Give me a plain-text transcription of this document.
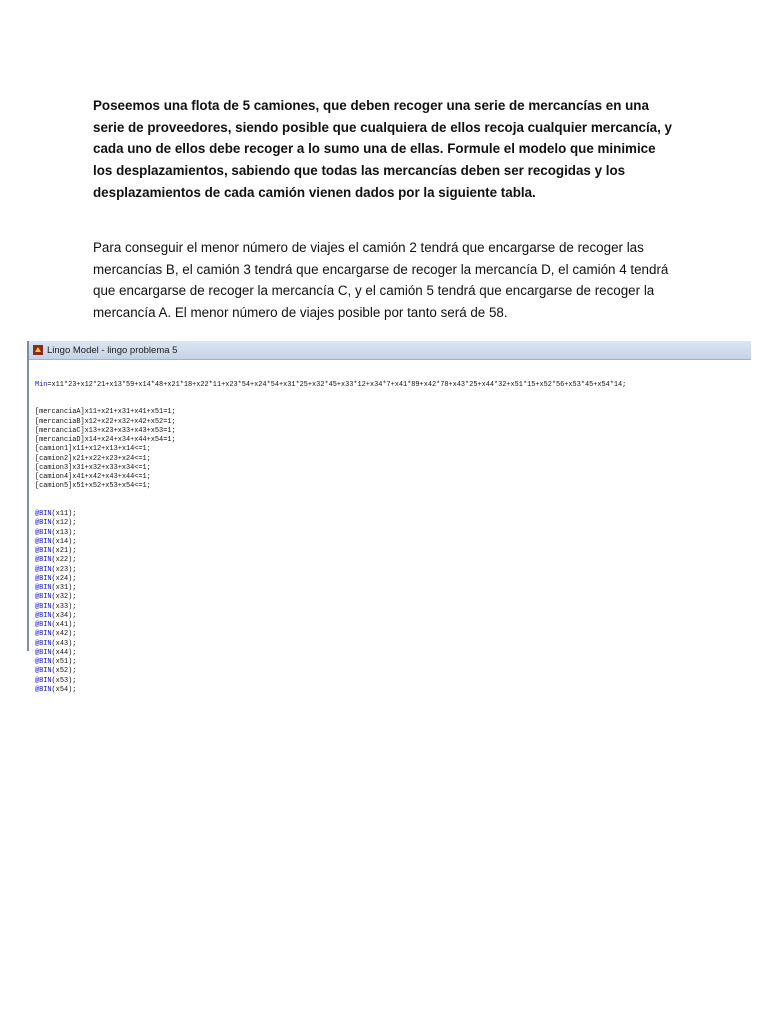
Poseemos una flota de 5 camiones, que deben recoger una serie de mercancías en una serie de proveedores, siendo posible que cualquiera de ellos recoja cualquier mercancía, y cada uno de ellos debe recoger a lo sumo una de ellas. Formule el modelo que minimice los desplazamientos, sabiendo que todas las mercancías deben ser recogidas y los desplazamientos de cada camión vienen dados por la siguiente tabla.

Para conseguir el menor número de viajes el camión 2 tendrá que encargarse de recoger las mercancías B, el camión 3 tendrá que encargarse de recoger la mercancía D, el camión 4 tendrá que encargarse de recoger la mercancía C, y el camión 5 tendrá que encargarse de recoger la mercancía A. El menor número de viajes posible por tanto será de 58.

Lingo Model - lingo problema 5

Min=x11*23+x12*21+x13*59+x14*48+x21*18+x22*11+x23*54+x24*54+x31*25+x32*45+x33*12+x34*7+x41*89+x42*78+x43*25+x44*32+x51*15+x52*56+x53*45+x54*14;

[mercanciaA]x11+x21+x31+x41+x51=1;
[mercanciaB]x12+x22+x32+x42+x52=1;
[mercanciaC]x13+x23+x33+x43+x53=1;
[mercanciaD]x14+x24+x34+x44+x54=1;
[camion1]x11+x12+x13+x14<=1;
[camion2]x21+x22+x23+x24<=1;
[camion3]x31+x32+x33+x34<=1;
[camion4]x41+x42+x43+x44<=1;
[camion5]x51+x52+x53+x54<=1;

@BIN(x11);
@BIN(x12);
@BIN(x13);
@BIN(x14);
@BIN(x21);
@BIN(x22);
@BIN(x23);
@BIN(x24);
@BIN(x31);
@BIN(x32);
@BIN(x33);
@BIN(x34);
@BIN(x41);
@BIN(x42);
@BIN(x43);
@BIN(x44);
@BIN(x51);
@BIN(x52);
@BIN(x53);
@BIN(x54);
